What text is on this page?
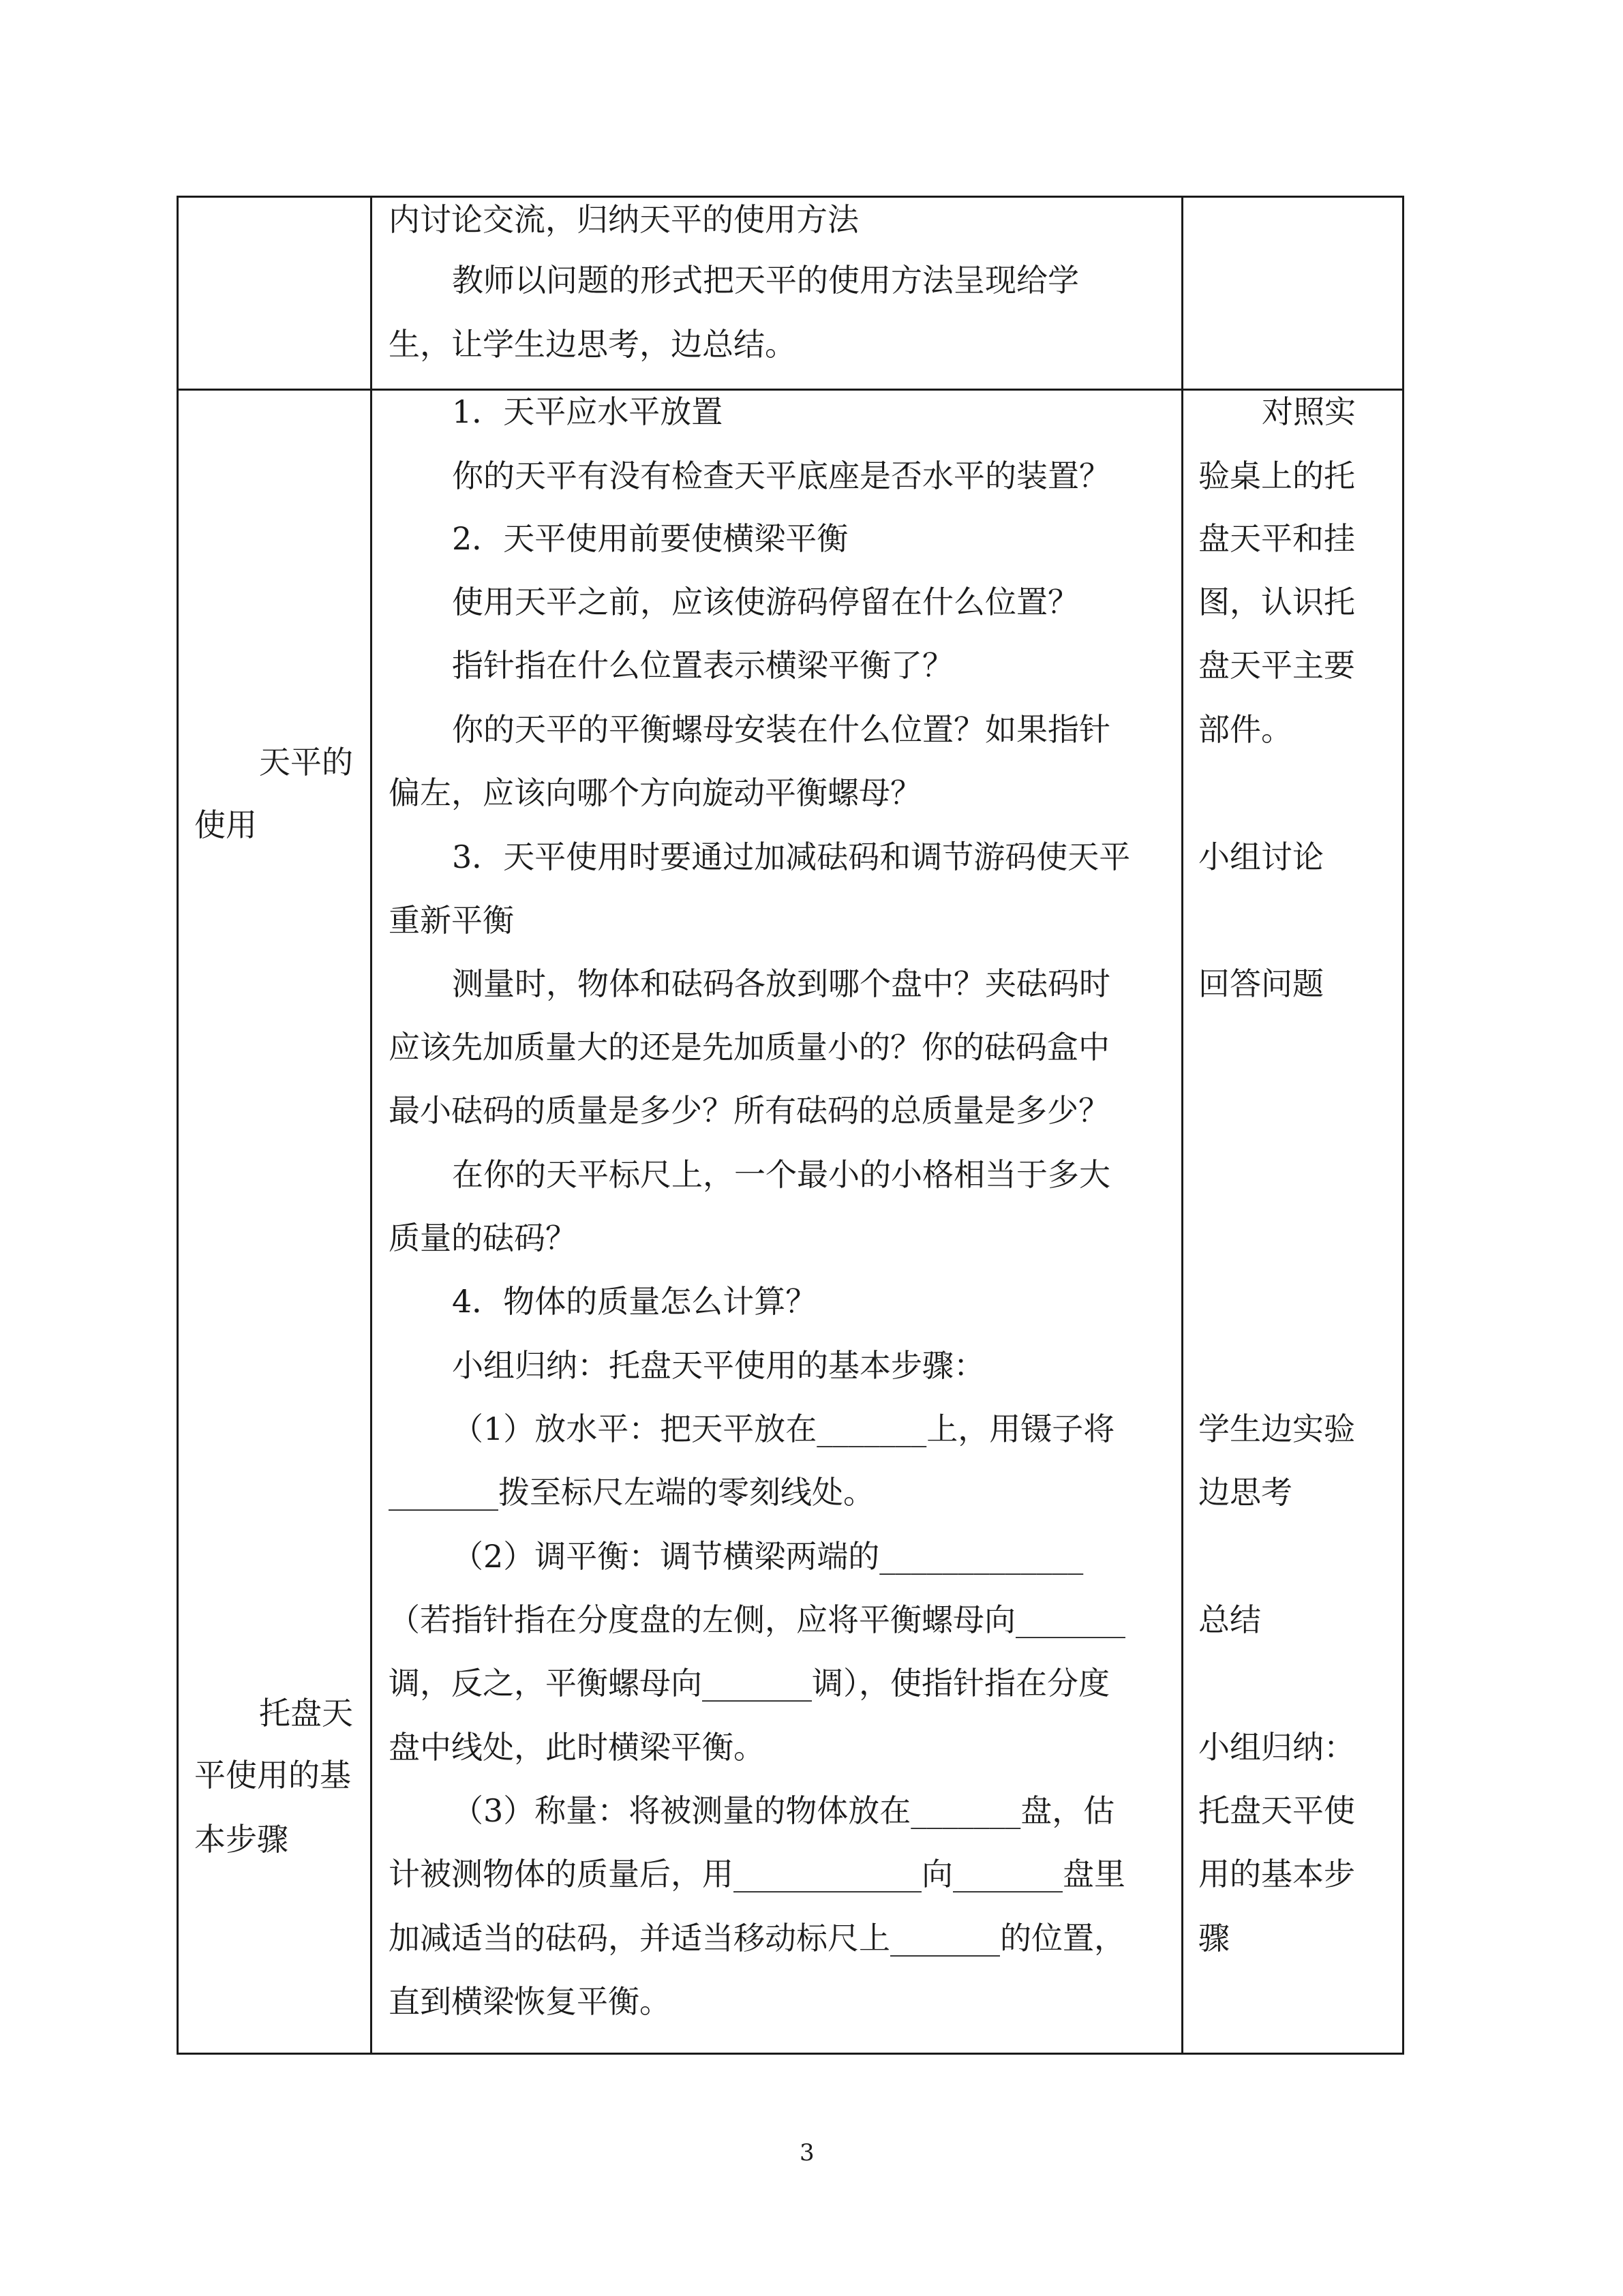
内讨论交流，归纳天平的使用方法
教师以问题的形式把天平的使用方法呈现给学
生，让学生边思考，边总结。
天平的
使用
托盘天
平使用的基
本步骤
1．天平应水平放置
你的天平有没有检查天平底座是否水平的装置？
2．天平使用前要使横梁平衡
使用天平之前，应该使游码停留在什么位置？
指针指在什么位置表示横梁平衡了？
你的天平的平衡螺母安装在什么位置？如果指针
偏左，应该向哪个方向旋动平衡螺母？
3．天平使用时要通过加减砝码和调节游码使天平
重新平衡
测量时，物体和砝码各放到哪个盘中？夹砝码时
应该先加质量大的还是先加质量小的？你的砝码盒中
最小砝码的质量是多少？所有砝码的总质量是多少？
在你的天平标尺上，一个最小的小格相当于多大
质量的砝码？
4．物体的质量怎么计算？
小组归纳：托盘天平使用的基本步骤：
（1）放水平：把天平放在_______上，用镊子将
_______拨至标尺左端的零刻线处。
（2）调平衡：调节横梁两端的_____________
（若指针指在分度盘的左侧，应将平衡螺母向_______
调，反之，平衡螺母向_______调），使指针指在分度
盘中线处，此时横梁平衡。
（3）称量：将被测量的物体放在_______盘，估
计被测物体的质量后，用____________向_______盘里
加减适当的砝码，并适当移动标尺上_______的位置，
直到横梁恢复平衡。
对照实
验桌上的托
盘天平和挂
图，认识托
盘天平主要
部件。
小组讨论
回答问题
学生边实验
边思考
总结
小组归纳：
托盘天平使
用的基本步
骤
3
